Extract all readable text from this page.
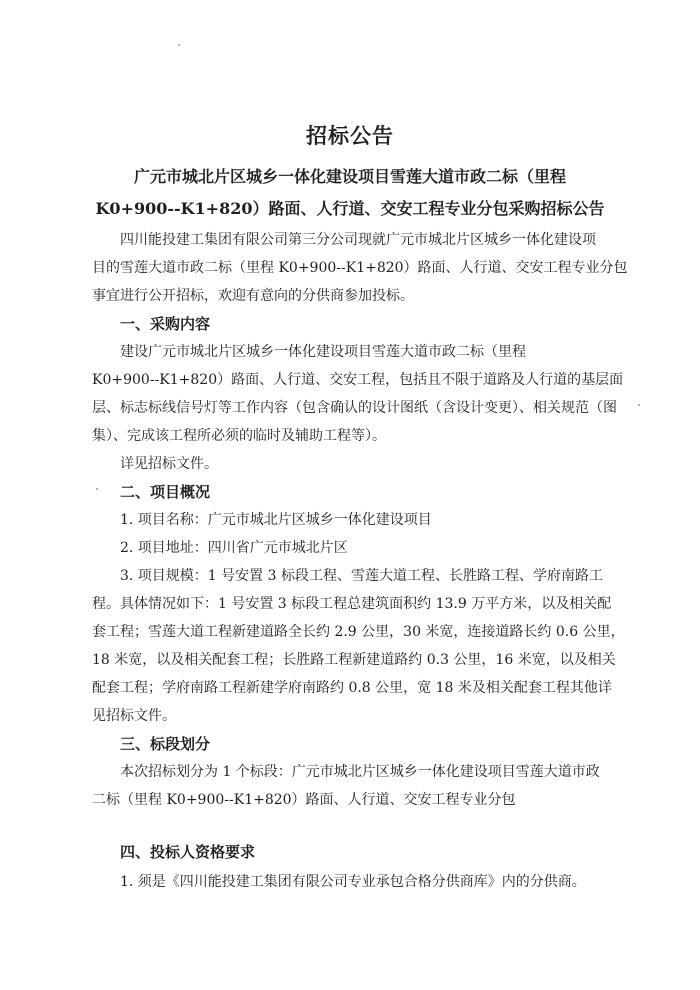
招标公告
广元市城北片区城乡一体化建设项目雪莲大道市政二标（里程
K0+900--K1+820）路面、人行道、交安工程专业分包采购招标公告
四川能投建工集团有限公司第三分公司现就广元市城北片区城乡一体化建设项
目的雪莲大道市政二标（里程 K0+900--K1+820）路面、人行道、交安工程专业分包
事宜进行公开招标，欢迎有意向的分供商参加投标。
一、采购内容
建设广元市城北片区城乡一体化建设项目雪莲大道市政二标（里程
K0+900--K1+820）路面、人行道、交安工程，包括且不限于道路及人行道的基层面
层、标志标线信号灯等工作内容（包含确认的设计图纸（含设计变更）、相关规范（图
集）、完成该工程所必须的临时及辅助工程等）。
详见招标文件。
二、项目概况
1. 项目名称：广元市城北片区城乡一体化建设项目
2. 项目地址：四川省广元市城北片区
3. 项目规模：1 号安置 3 标段工程、雪莲大道工程、长胜路工程、学府南路工
程。具体情况如下：1 号安置 3 标段工程总建筑面积约 13.9 万平方米，以及相关配
套工程；雪莲大道工程新建道路全长约 2.9 公里，30 米宽，连接道路长约 0.6 公里，
18 米宽，以及相关配套工程；长胜路工程新建道路约 0.3 公里，16 米宽，以及相关
配套工程；学府南路工程新建学府南路约 0.8 公里，宽 18 米及相关配套工程其他详
见招标文件。
三、标段划分
本次招标划分为 1 个标段：广元市城北片区城乡一体化建设项目雪莲大道市政
二标（里程 K0+900--K1+820）路面、人行道、交安工程专业分包
四、投标人资格要求
1. 须是《四川能投建工集团有限公司专业承包合格分供商库》内的分供商。
